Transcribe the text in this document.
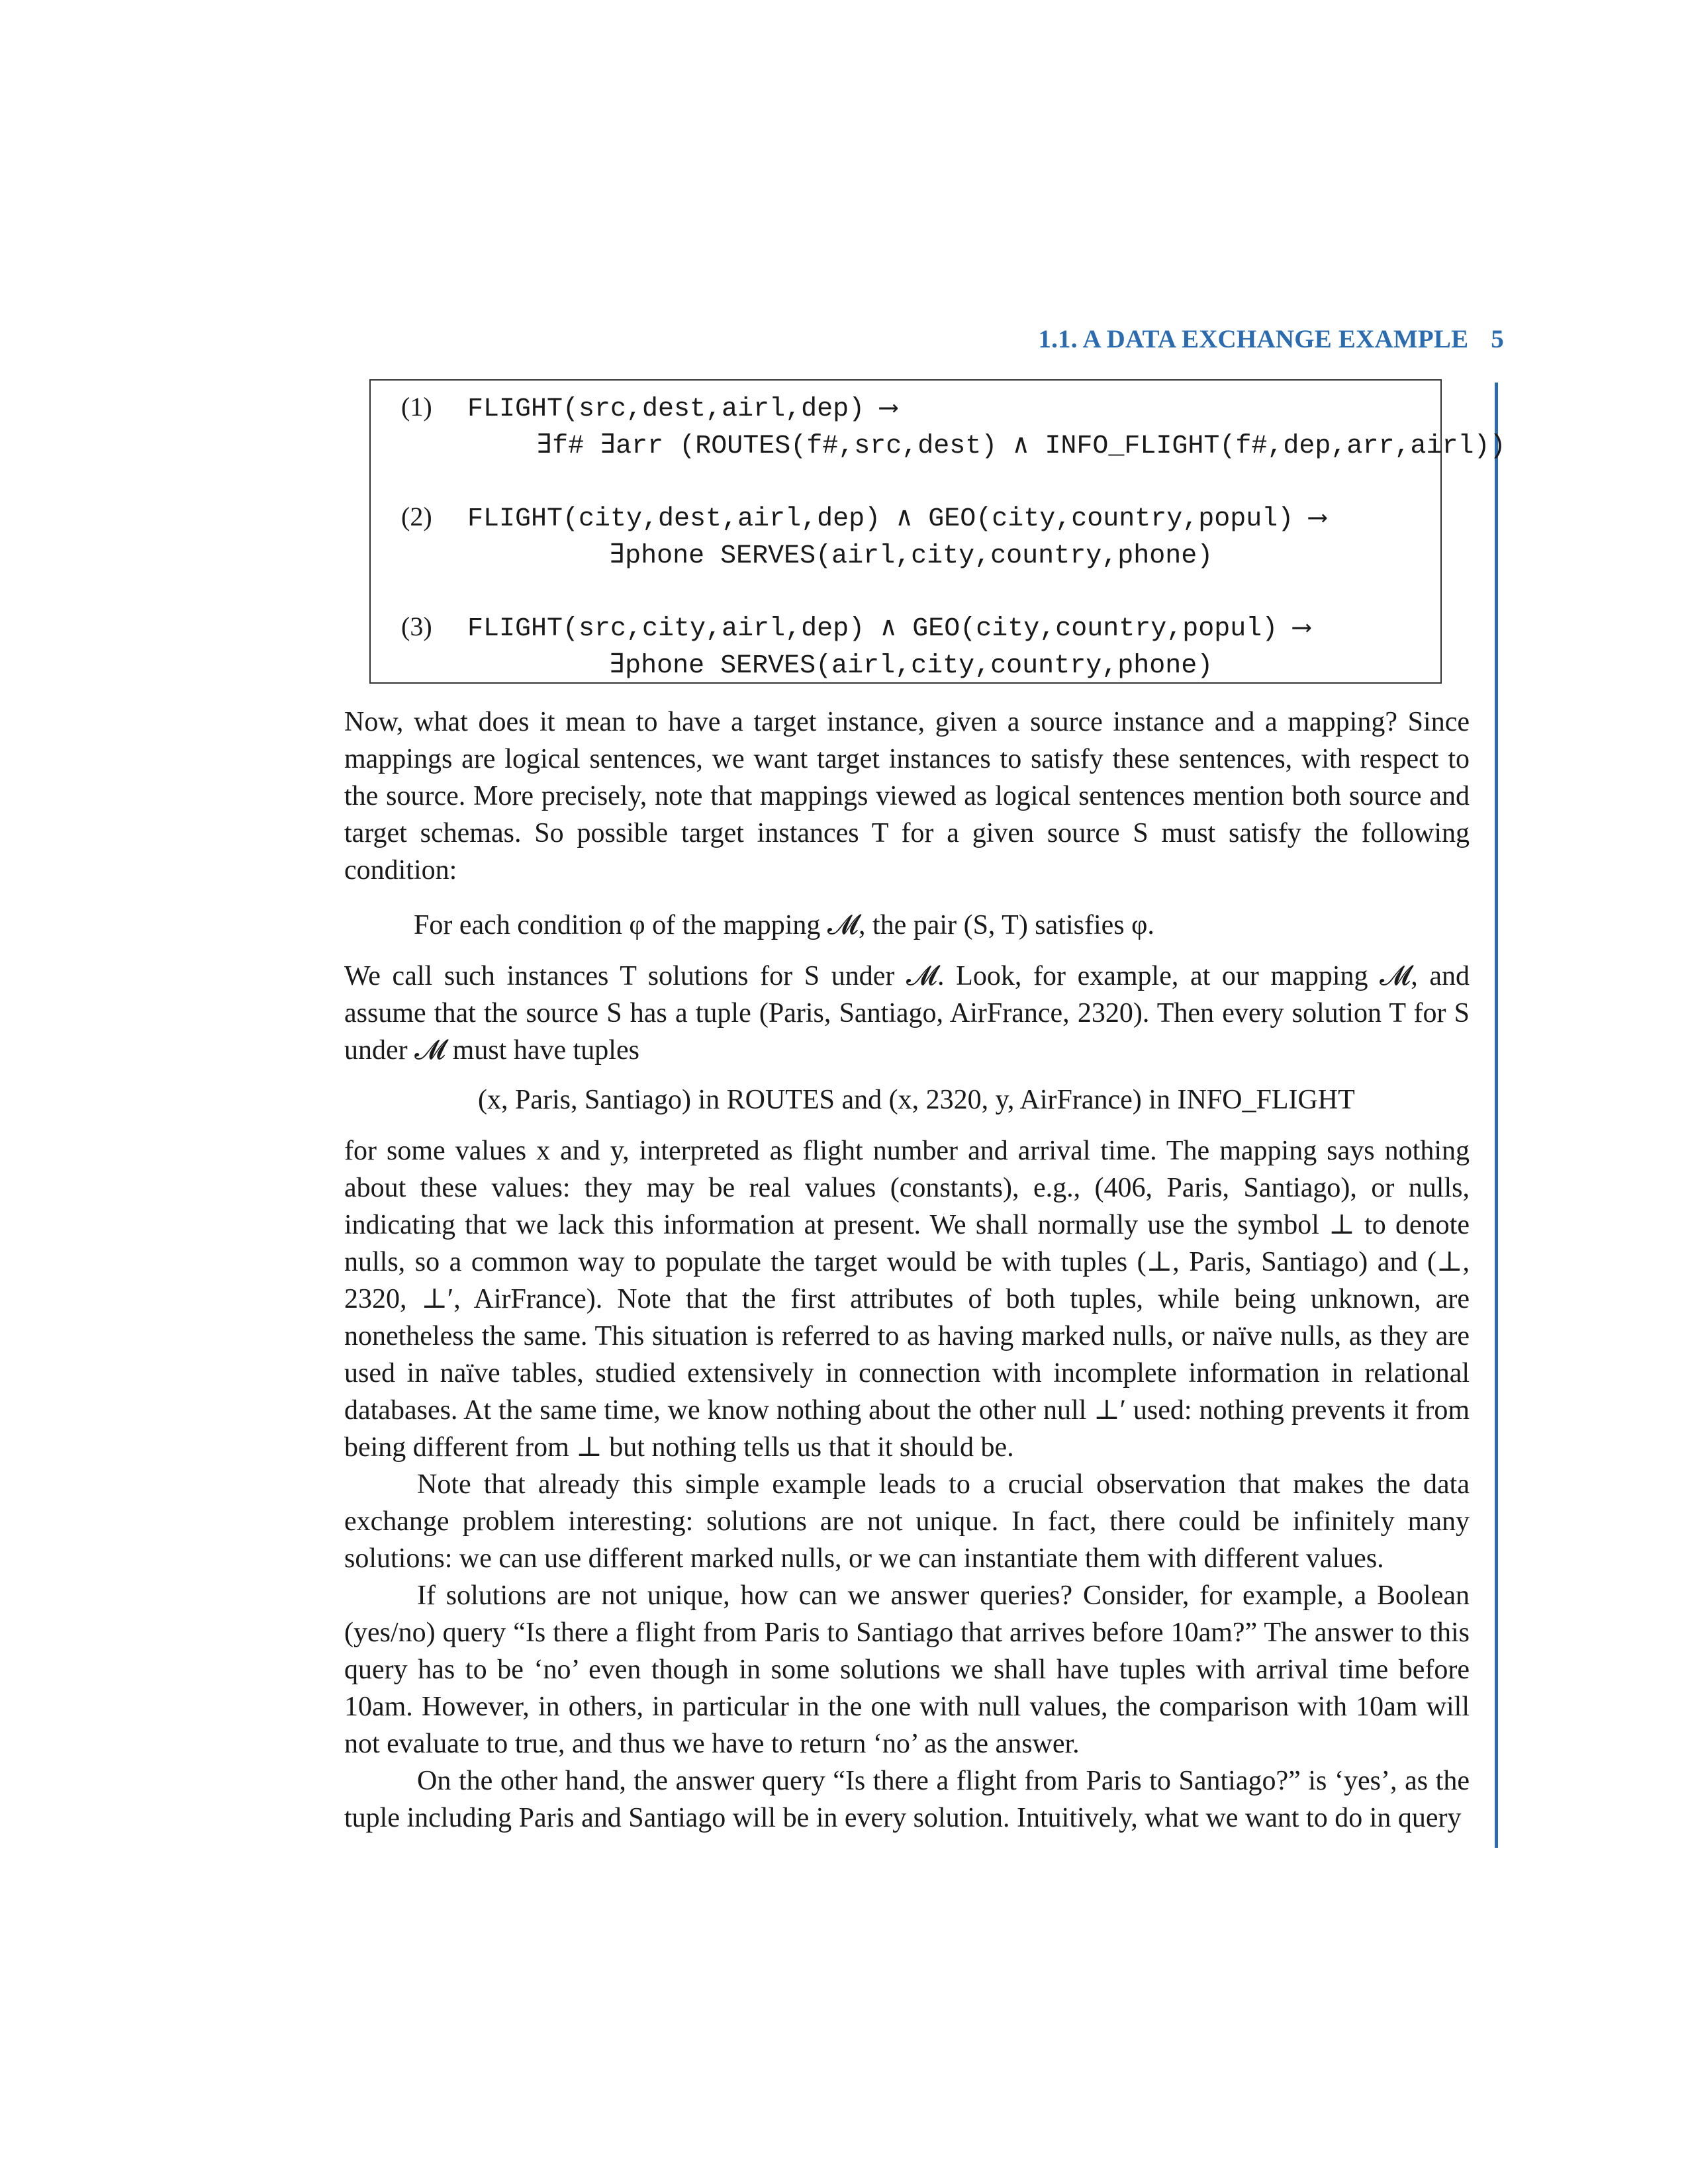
1.1. A DATA EXCHANGE EXAMPLE 5
(1) FLIGHT(src,dest,airl,dep) ⟶
∃f# ∃arr (ROUTES(f#,src,dest) ∧ INFO_FLIGHT(f#,dep,arr,airl))
(2) FLIGHT(city,dest,airl,dep) ∧ GEO(city,country,popul) ⟶
∃phone SERVES(airl,city,country,phone)
(3) FLIGHT(src,city,airl,dep) ∧ GEO(city,country,popul) ⟶
∃phone SERVES(airl,city,country,phone)
Now, what does it mean to have a target instance, given a source instance and a mapping? Since mappings are logical sentences, we want target instances to satisfy these sentences, with respect to the source. More precisely, note that mappings viewed as logical sentences mention both source and target schemas. So possible target instances T for a given source S must satisfy the following condition:
For each condition φ of the mapping 𝓜, the pair (S, T) satisfies φ.
We call such instances T solutions for S under 𝓜. Look, for example, at our mapping 𝓜, and assume that the source S has a tuple (Paris, Santiago, AirFrance, 2320). Then every solution T for S under 𝓜 must have tuples
(x, Paris, Santiago) in ROUTES and (x, 2320, y, AirFrance) in INFO_FLIGHT
for some values x and y, interpreted as flight number and arrival time. The mapping says nothing about these values: they may be real values (constants), e.g., (406, Paris, Santiago), or nulls, indicating that we lack this information at present. We shall normally use the symbol ⊥ to denote nulls, so a common way to populate the target would be with tuples (⊥, Paris, Santiago) and (⊥, 2320, ⊥′, AirFrance). Note that the first attributes of both tuples, while being unknown, are nonetheless the same. This situation is referred to as having marked nulls, or naïve nulls, as they are used in naïve tables, studied extensively in connection with incomplete information in relational databases. At the same time, we know nothing about the other null ⊥′ used: nothing prevents it from being different from ⊥ but nothing tells us that it should be.
Note that already this simple example leads to a crucial observation that makes the data exchange problem interesting: solutions are not unique. In fact, there could be infinitely many solutions: we can use different marked nulls, or we can instantiate them with different values.
If solutions are not unique, how can we answer queries? Consider, for example, a Boolean (yes/no) query “Is there a flight from Paris to Santiago that arrives before 10am?” The answer to this query has to be ‘no’ even though in some solutions we shall have tuples with arrival time before 10am. However, in others, in particular in the one with null values, the comparison with 10am will not evaluate to true, and thus we have to return ‘no’ as the answer.
On the other hand, the answer query “Is there a flight from Paris to Santiago?” is ‘yes’, as the tuple including Paris and Santiago will be in every solution. Intuitively, what we want to do in query
